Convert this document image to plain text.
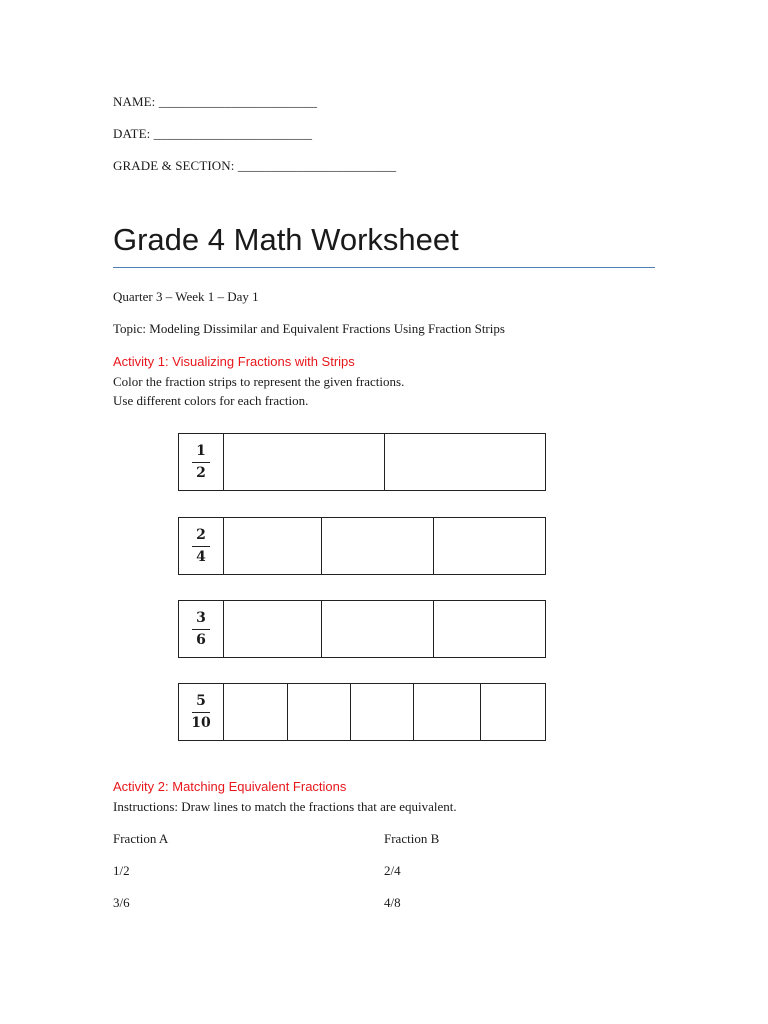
NAME: ________________________
DATE: ________________________
GRADE & SECTION: ________________________
Grade 4 Math Worksheet
Quarter 3 – Week 1 – Day 1
Topic: Modeling Dissimilar and Equivalent Fractions Using Fraction Strips
Activity 1: Visualizing Fractions with Strips
Color the fraction strips to represent the given fractions.
Use different colors for each fraction.
$\frac{1}{2}$
$\frac{2}{4}$
$\frac{3}{6}$
$\frac{5}{10}$
Activity 2: Matching Equivalent Fractions
Instructions: Draw lines to match the fractions that are equivalent.
Fraction A	Fraction B
1/2	2/4
3/6	4/8
